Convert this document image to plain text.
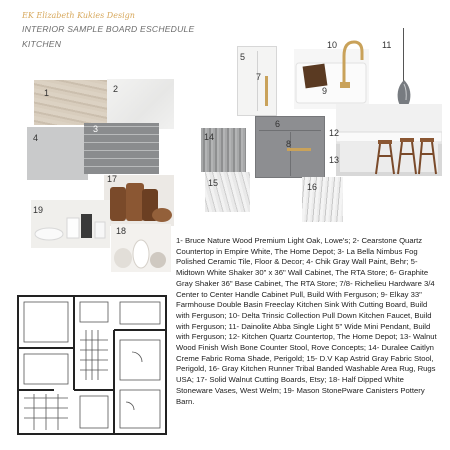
EK Elizabeth Kukies Design
INTERIOR SAMPLE BOARD ESCHEDULE
KITCHEN
1	2
4
3
17
19
18
5
7
9
10	11
6
8
14
15	16
12
13
1- Bruce Nature Wood Premium Light Oak, Lowe's; 2- Cearstone Quartz Countertop in Empire White, The Home Depot; 3- La Bella Nimbus Fog Polished Ceramic Tile, Floor & Decor; 4- Chik Gray Wall Paint, Behr; 5- Midtown White Shaker 30" x 36" Wall Cabinet, The RTA Store; 6- Graphite Gray Shaker 36" Base Cabinet, The RTA Store; 7/8- Richelieu Hardware 3/4 Center to Center Handle Cabinet Pull, Build With Ferguson; 9- Elkay 33" Farmhouse Double Basin Freeclay Kitchen Sink With Cutting Board, Build with Ferguson; 10- Delta Trinsic Collection Pull Down Kitchen Faucet, Build with Ferguson; 11- Dainolite Abba Single Light 5" Wide Mini Pendant, Build with Ferguson; 12- Kitchen Quartz Countertop, The Home Depot; 13- Walnut Wood Finish Wish Bone Counter Stool, Rove Concepts; 14- Duralee Caitlyn Creme Fabric Roma Shade, Perigold; 15- D.V Kap Astrid Gray Fabric Stool, Perigold, 16- Gray Kitchen Runner Tribal Banded Washable Area Rug, Rugs USA; 17- Solid Walnut Cutting Boards, Etsy; 18- Half Dipped White Stoneware Vases, West Welm; 19- Mason StonePware Canisters Pottery Barn.
